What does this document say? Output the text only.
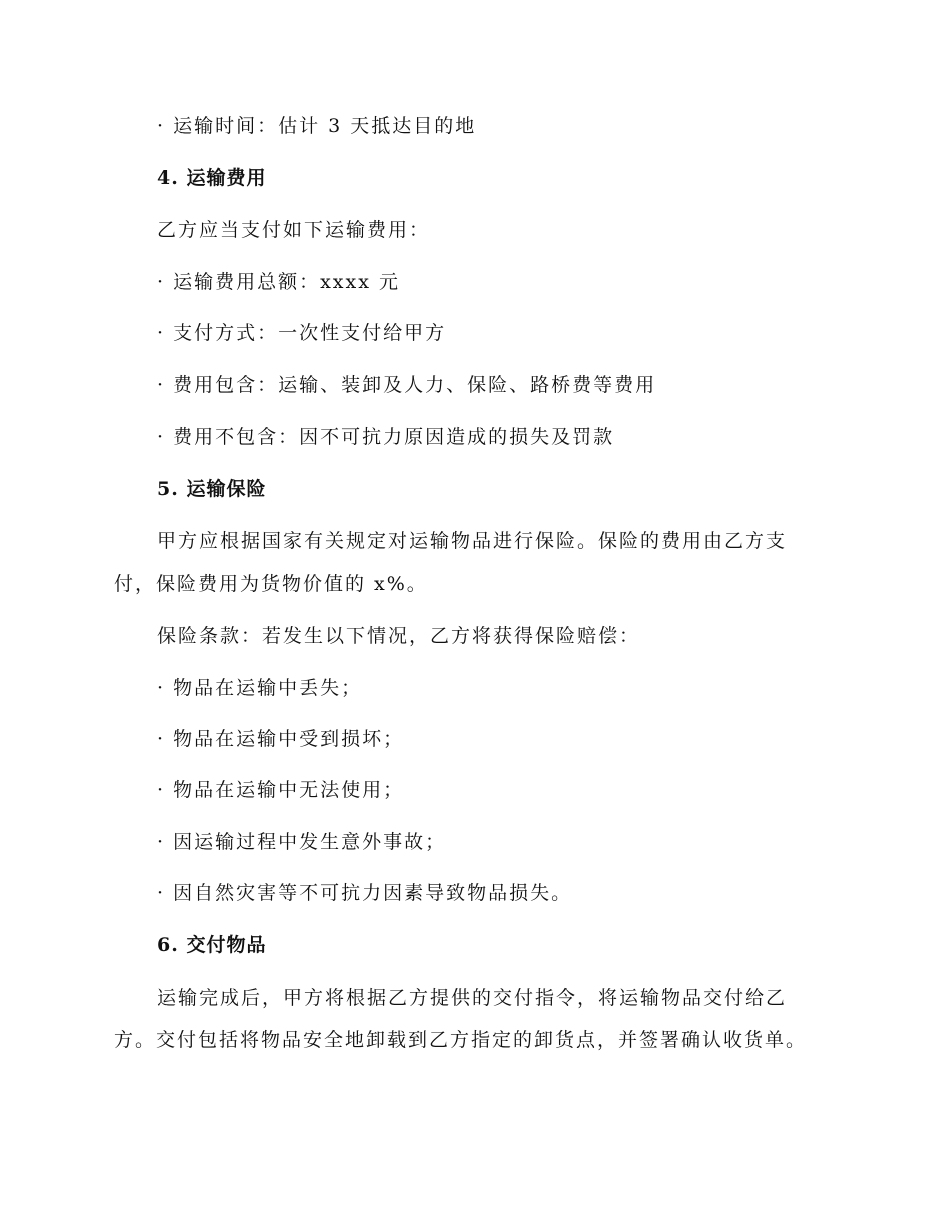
· 运输时间：估计 3 天抵达目的地
4. 运输费用
乙方应当支付如下运输费用：
· 运输费用总额：xxxx 元
· 支付方式：一次性支付给甲方
· 费用包含：运输、装卸及人力、保险、路桥费等费用
· 费用不包含：因不可抗力原因造成的损失及罚款
5. 运输保险
甲方应根据国家有关规定对运输物品进行保险。保险的费用由乙方支
付，保险费用为货物价值的 x%。
保险条款：若发生以下情况，乙方将获得保险赔偿：
· 物品在运输中丢失；
· 物品在运输中受到损坏；
· 物品在运输中无法使用；
· 因运输过程中发生意外事故；
· 因自然灾害等不可抗力因素导致物品损失。
6. 交付物品
运输完成后，甲方将根据乙方提供的交付指令，将运输物品交付给乙
方。交付包括将物品安全地卸载到乙方指定的卸货点，并签署确认收货单。
